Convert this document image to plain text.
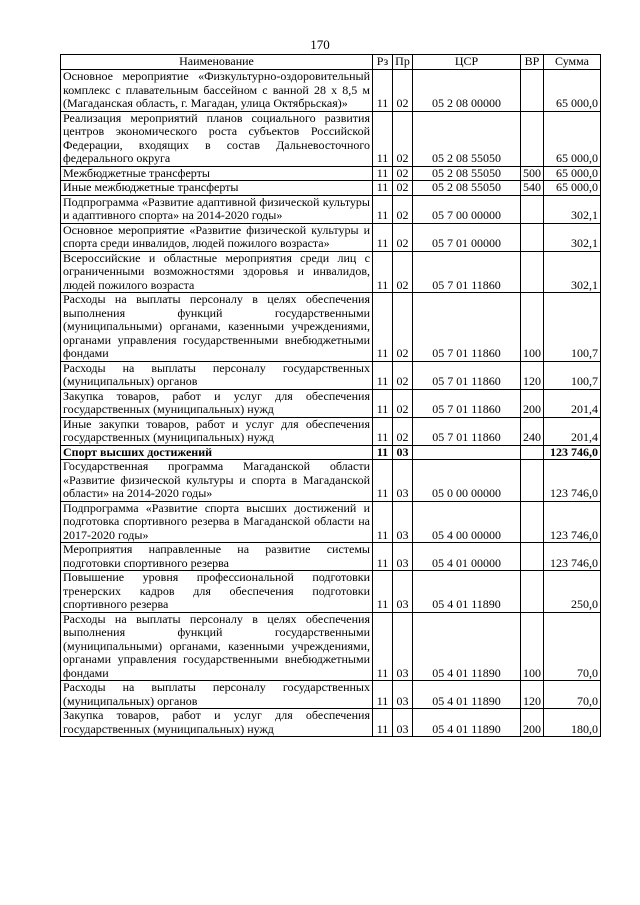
170
Наименование	Рз	Пр	ЦСР	ВР	Сумма
Основное мероприятие «Физкультурно-оздоровительный комплекс с плавательным бассейном с ванной 28 х 8,5 м (Магаданская область, г. Магадан, улица Октябрьская)»	11	02	05 2 08 00000		65 000,0
Реализация мероприятий планов социального развития центров экономического роста субъектов Российской Федерации, входящих в состав Дальневосточного федерального округа	11	02	05 2 08 55050		65 000,0
Межбюджетные трансферты	11	02	05 2 08 55050	500	65 000,0
Иные межбюджетные трансферты	11	02	05 2 08 55050	540	65 000,0
Подпрограмма «Развитие адаптивной физической культуры и адаптивного спорта» на 2014-2020 годы»	11	02	05 7 00 00000		302,1
Основное мероприятие «Развитие физической культуры и спорта среди инвалидов, людей пожилого возраста»	11	02	05 7 01 00000		302,1
Всероссийские и областные мероприятия среди лиц с ограниченными возможностями здоровья и инвалидов, людей пожилого возраста	11	02	05 7 01 11860		302,1
Расходы на выплаты персоналу в целях обеспечения выполнения функций государственными (муниципальными) органами, казенными учреждениями, органами управления государственными внебюджетными фондами	11	02	05 7 01 11860	100	100,7
Расходы на выплаты персоналу государственных (муниципальных) органов	11	02	05 7 01 11860	120	100,7
Закупка товаров, работ и услуг для обеспечения государственных (муниципальных) нужд	11	02	05 7 01 11860	200	201,4
Иные закупки товаров, работ и услуг для обеспечения государственных (муниципальных) нужд	11	02	05 7 01 11860	240	201,4
Спорт высших достижений	11	03			123 746,0
Государственная программа Магаданской области «Развитие физической культуры и спорта в Магаданской области» на 2014-2020 годы»	11	03	05 0 00 00000		123 746,0
Подпрограмма «Развитие спорта высших достижений и подготовка спортивного резерва в Магаданской области на 2017-2020 годы»	11	03	05 4 00 00000		123 746,0
Мероприятия направленные на развитие системы подготовки спортивного резерва	11	03	05 4 01 00000		123 746,0
Повышение уровня профессиональной подготовки тренерских кадров для обеспечения подготовки спортивного резерва	11	03	05 4 01 11890		250,0
Расходы на выплаты персоналу в целях обеспечения выполнения функций государственными (муниципальными) органами, казенными учреждениями, органами управления государственными внебюджетными фондами	11	03	05 4 01 11890	100	70,0
Расходы на выплаты персоналу государственных (муниципальных) органов	11	03	05 4 01 11890	120	70,0
Закупка товаров, работ и услуг для обеспечения государственных (муниципальных) нужд	11	03	05 4 01 11890	200	180,0
